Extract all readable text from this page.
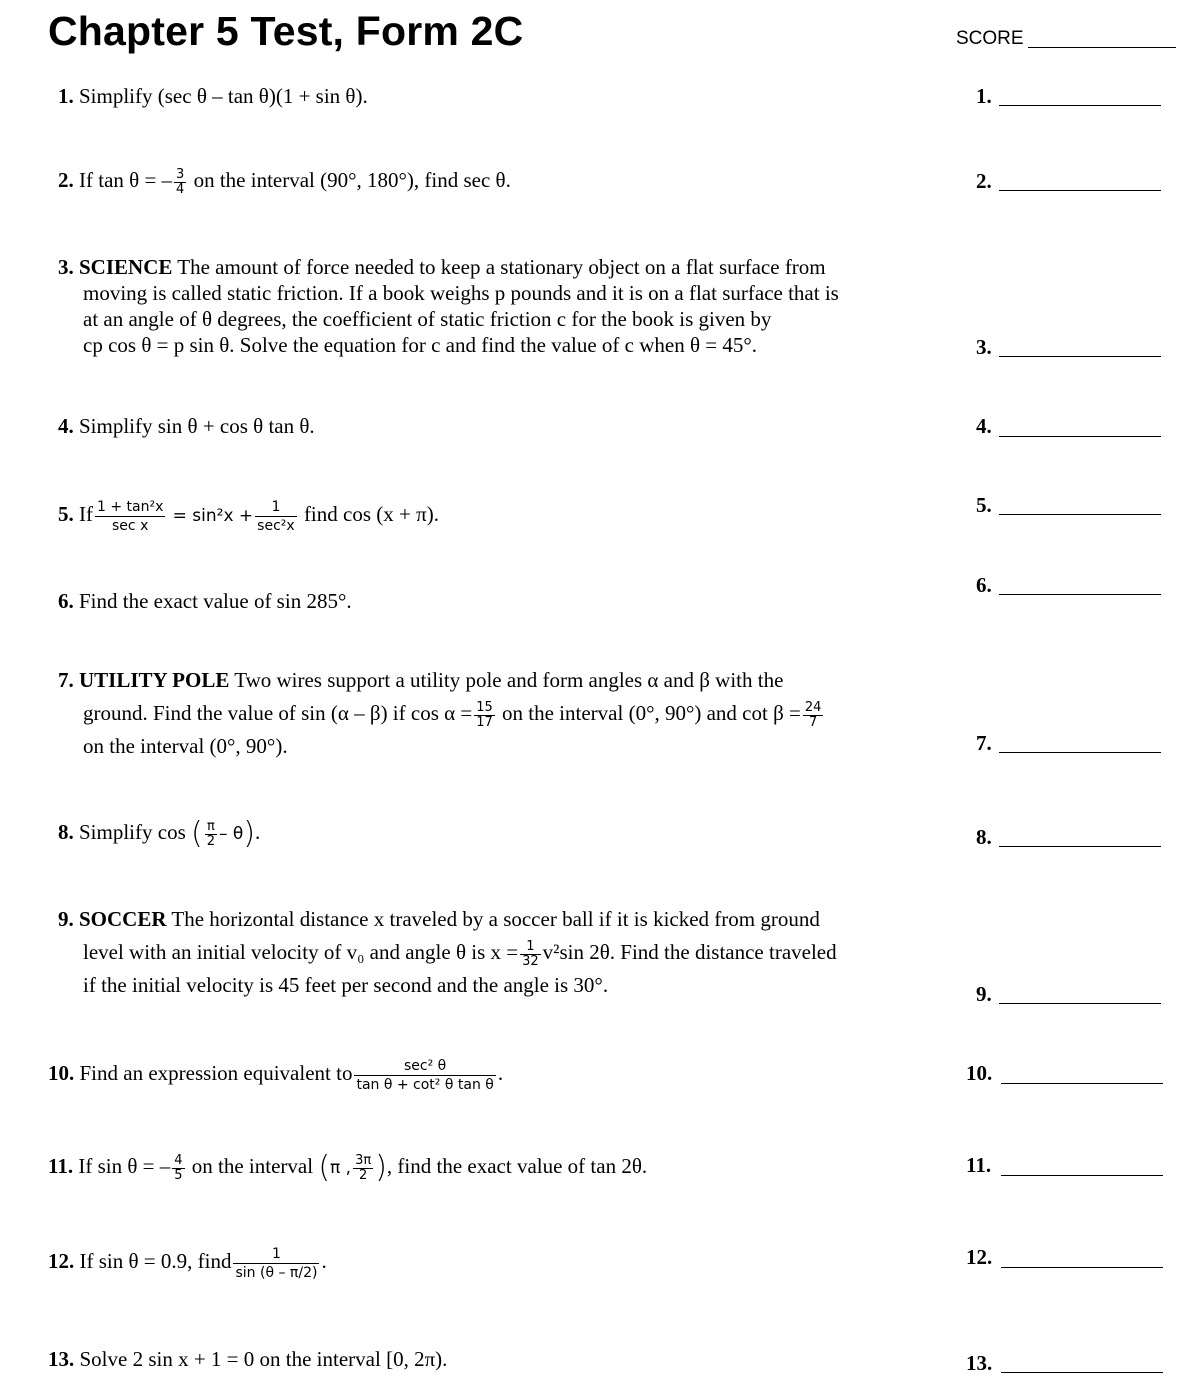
Chapter 5 Test, Form 2C	SCORE
1.
2.
3.
4.
5.
6.
7.
8.
9.
10.
11.
12.
13.
1. Simplify (sec θ – tan θ)(1 + sin θ).
2. If tan θ = – $\frac{3}{4}$ on the interval (90°, 180°), find sec θ.
3. SCIENCE The amount of force needed to keep a stationary object on a flat surface from
moving is called static friction. If a book weighs p pounds and it is on a flat surface that is
at an angle of θ degrees, the coefficient of static friction c for the book is given by
cp cos θ = p sin θ. Solve the equation for c and find the value of c when θ = 45°.
4. Simplify sin θ + cos θ tan θ.
5. If $\frac{\text{1 + tan²x}}{\text{sec x}} = \sin^2x + \frac{1}{\text{sec²x}}$ find cos (x + π).
6. Find the exact value of sin 285°.
7. UTILITY POLE Two wires support a utility pole and form angles α and β with the
ground. Find the value of sin (α – β) if $\cos \alpha = \frac{15}{17}$ on the interval (0°, 90°) and $\cot \beta = \frac{24}{7}$
on the interval (0°, 90°).
8. Simplify cos ( $\frac{\pi}{2} - \theta$).
9. SOCCER The horizontal distance x traveled by a soccer ball if it is kicked from ground
level with an initial velocity of v₀ and angle θ is $x = \frac{1}{32} v^2\sin$ 2θ. Find the distance traveled
if the initial velocity is 45 feet per second and the angle is 30°.
10. Find an expression equivalent to $\frac{\text{sec² θ}}{\text{tan θ + cot² θ tan θ}}$ .
11. If sin θ = – $\frac{4}{5}$ on the interval (π , $\frac{3\pi}{2}$ ), find the exact value of tan 2θ.
12. If sin θ = 0.9, find $\frac{1}{\sin (\theta - \pi/2)}$ .
13. Solve 2 sin x + 1 = 0 on the interval [0, 2π).
